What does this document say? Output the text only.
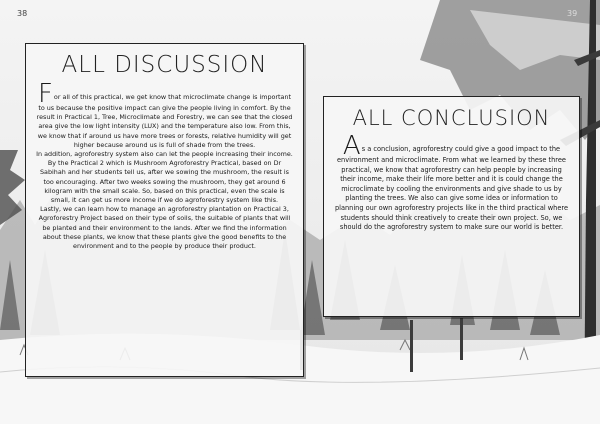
38	39
ALL DISCUSSION

For all of this practical, we get know that microclimate change is important to us because the positive impact can give the people living in comfort. By the result in Practical 1, Tree, Microclimate and Forestry, we can see that the closed area give the low light intensity (LUX) and the temperature also low. From this, we know that if around us have more trees or forests, relative humidity will get higher because around us is full of shade from the trees.

In addition, agroforestry system also can let the people increasing their income. By the Practical 2 which is Mushroom Agroforestry Practical, based on Dr Sabihah and her students tell us, after we sowing the mushroom, the result is too encouraging. After two weeks sowing the mushroom, they get around 6 kilogram with the small scale. So, based on this practical, even the scale is small, it can get us more income if we do agroforestry system like this.

Lastly, we can learn how to manage an agroforestry plantation on Practical 3, Agroforestry Project based on their type of soils, the suitable of plants that will be planted and their environment to the lands. After we find the information about these plants, we know that these plants give the good benefits to the environment and to the people by produce their product.

ALL CONCLUSION

As a conclusion, agroforestry could give a good impact to the environment and microclimate. From what we learned by these three practical, we know that agroforestry can help people by increasing their income, make their life more better and it is could change the microclimate by cooling the environments and give shade to us by planting the trees. We also can give some idea or information to planning our own agroforestry projects like in the third practical where students should think creatively to create their own project. So, we should do the agroforestry system to make sure our world is better.
